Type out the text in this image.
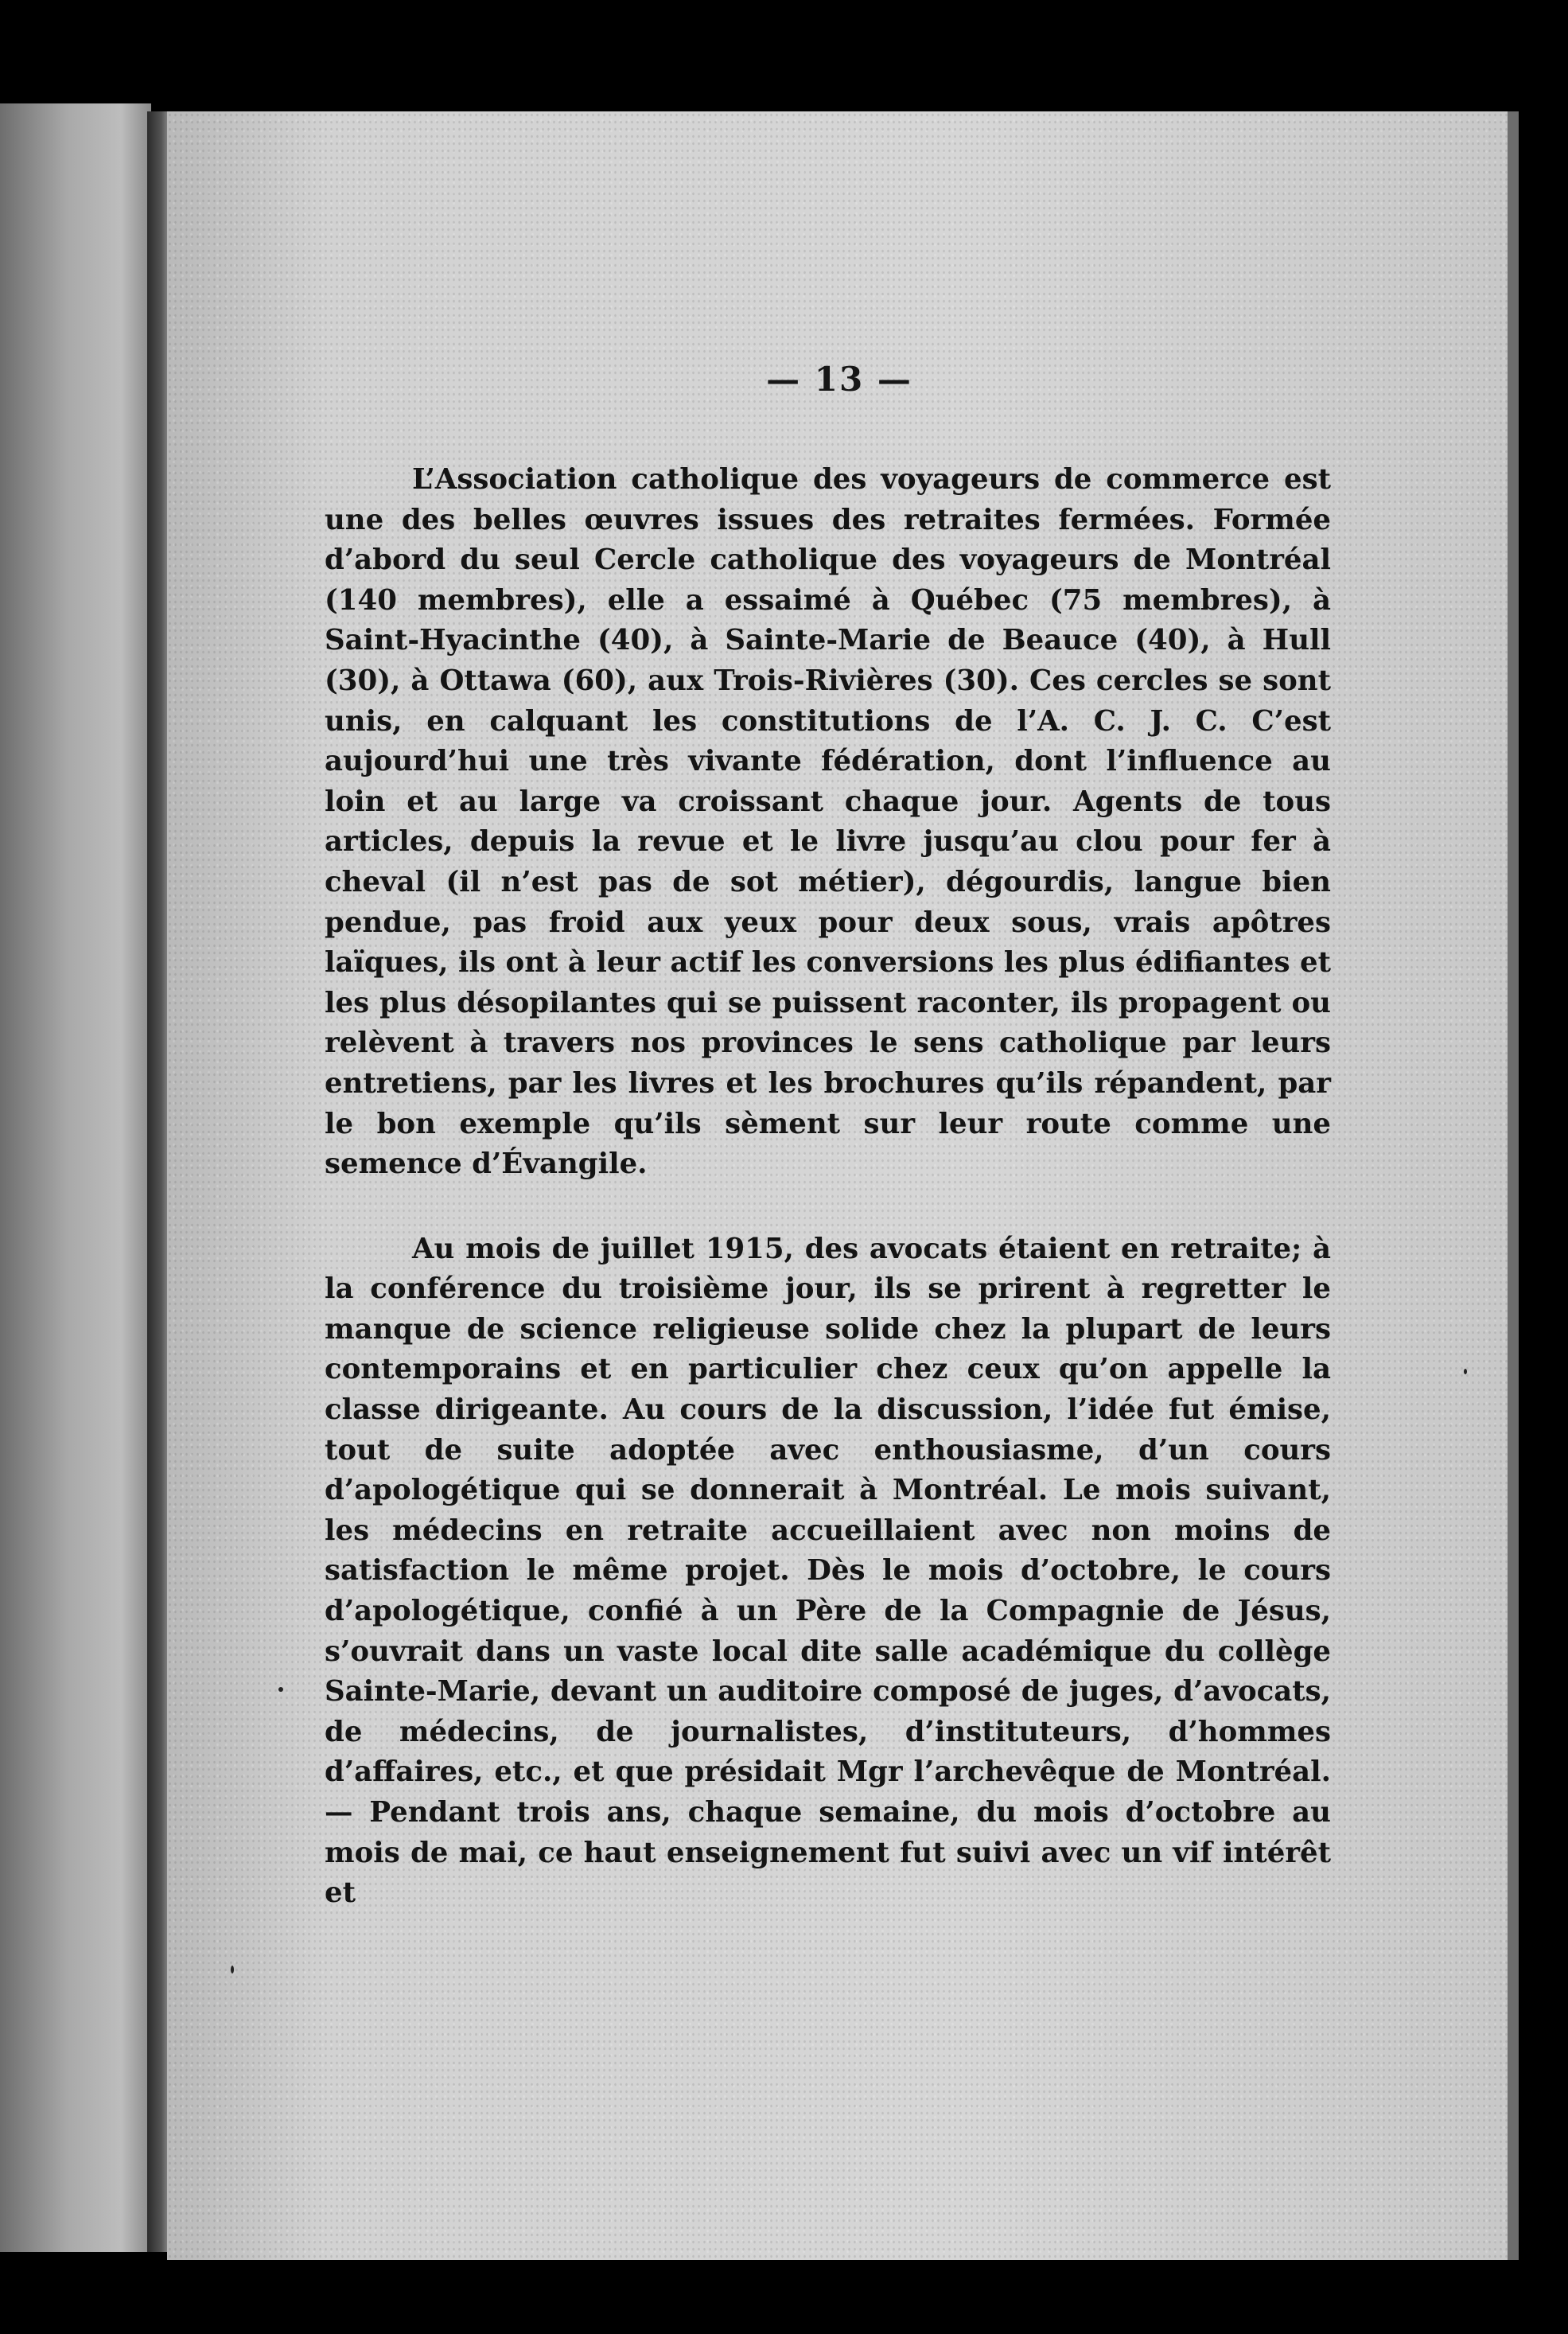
— 13 —

L’Association catholique des voyageurs de commerce est une des belles œuvres issues des retraites fermées. Formée d’abord du seul Cercle catholique des voyageurs de Montréal (140 membres), elle a essaimé à Québec (75 membres), à Saint-Hyacinthe (40), à Sainte-Marie de Beauce (40), à Hull (30), à Ottawa (60), aux Trois-Rivières (30). Ces cercles se sont unis, en calquant les constitutions de l’A. C. J. C. C’est aujourd’hui une très vivante fédération, dont l’influence au loin et au large va croissant chaque jour. Agents de tous articles, depuis la revue et le livre jusqu’au clou pour fer à cheval (il n’est pas de sot métier), dégourdis, langue bien pendue, pas froid aux yeux pour deux sous, vrais apôtres laïques, ils ont à leur actif les conversions les plus édifiantes et les plus désopilantes qui se puissent raconter, ils propagent ou relèvent à travers nos provinces le sens catholique par leurs entretiens, par les livres et les brochures qu’ils répandent, par le bon exemple qu’ils sèment sur leur route comme une semence d’Évangile.

Au mois de juillet 1915, des avocats étaient en retraite; à la conférence du troisième jour, ils se prirent à regretter le manque de science religieuse solide chez la plupart de leurs contemporains et en particulier chez ceux qu’on appelle la classe dirigeante. Au cours de la discussion, l’idée fut émise, tout de suite adoptée avec enthousiasme, d’un cours d’apologétique qui se donnerait à Montréal. Le mois suivant, les médecins en retraite accueillaient avec non moins de satisfaction le même projet. Dès le mois d’octobre, le cours d’apologétique, confié à un Père de la Compagnie de Jésus, s’ouvrait dans un vaste local dite salle académique du collège Sainte-Marie, devant un auditoire composé de juges, d’avocats, de médecins, de journalistes, d’instituteurs, d’hommes d’affaires, etc., et que présidait Mgr l’archevêque de Montréal. — Pendant trois ans, chaque semaine, du mois d’octobre au mois de mai, ce haut enseignement fut suivi avec un vif intérêt et
